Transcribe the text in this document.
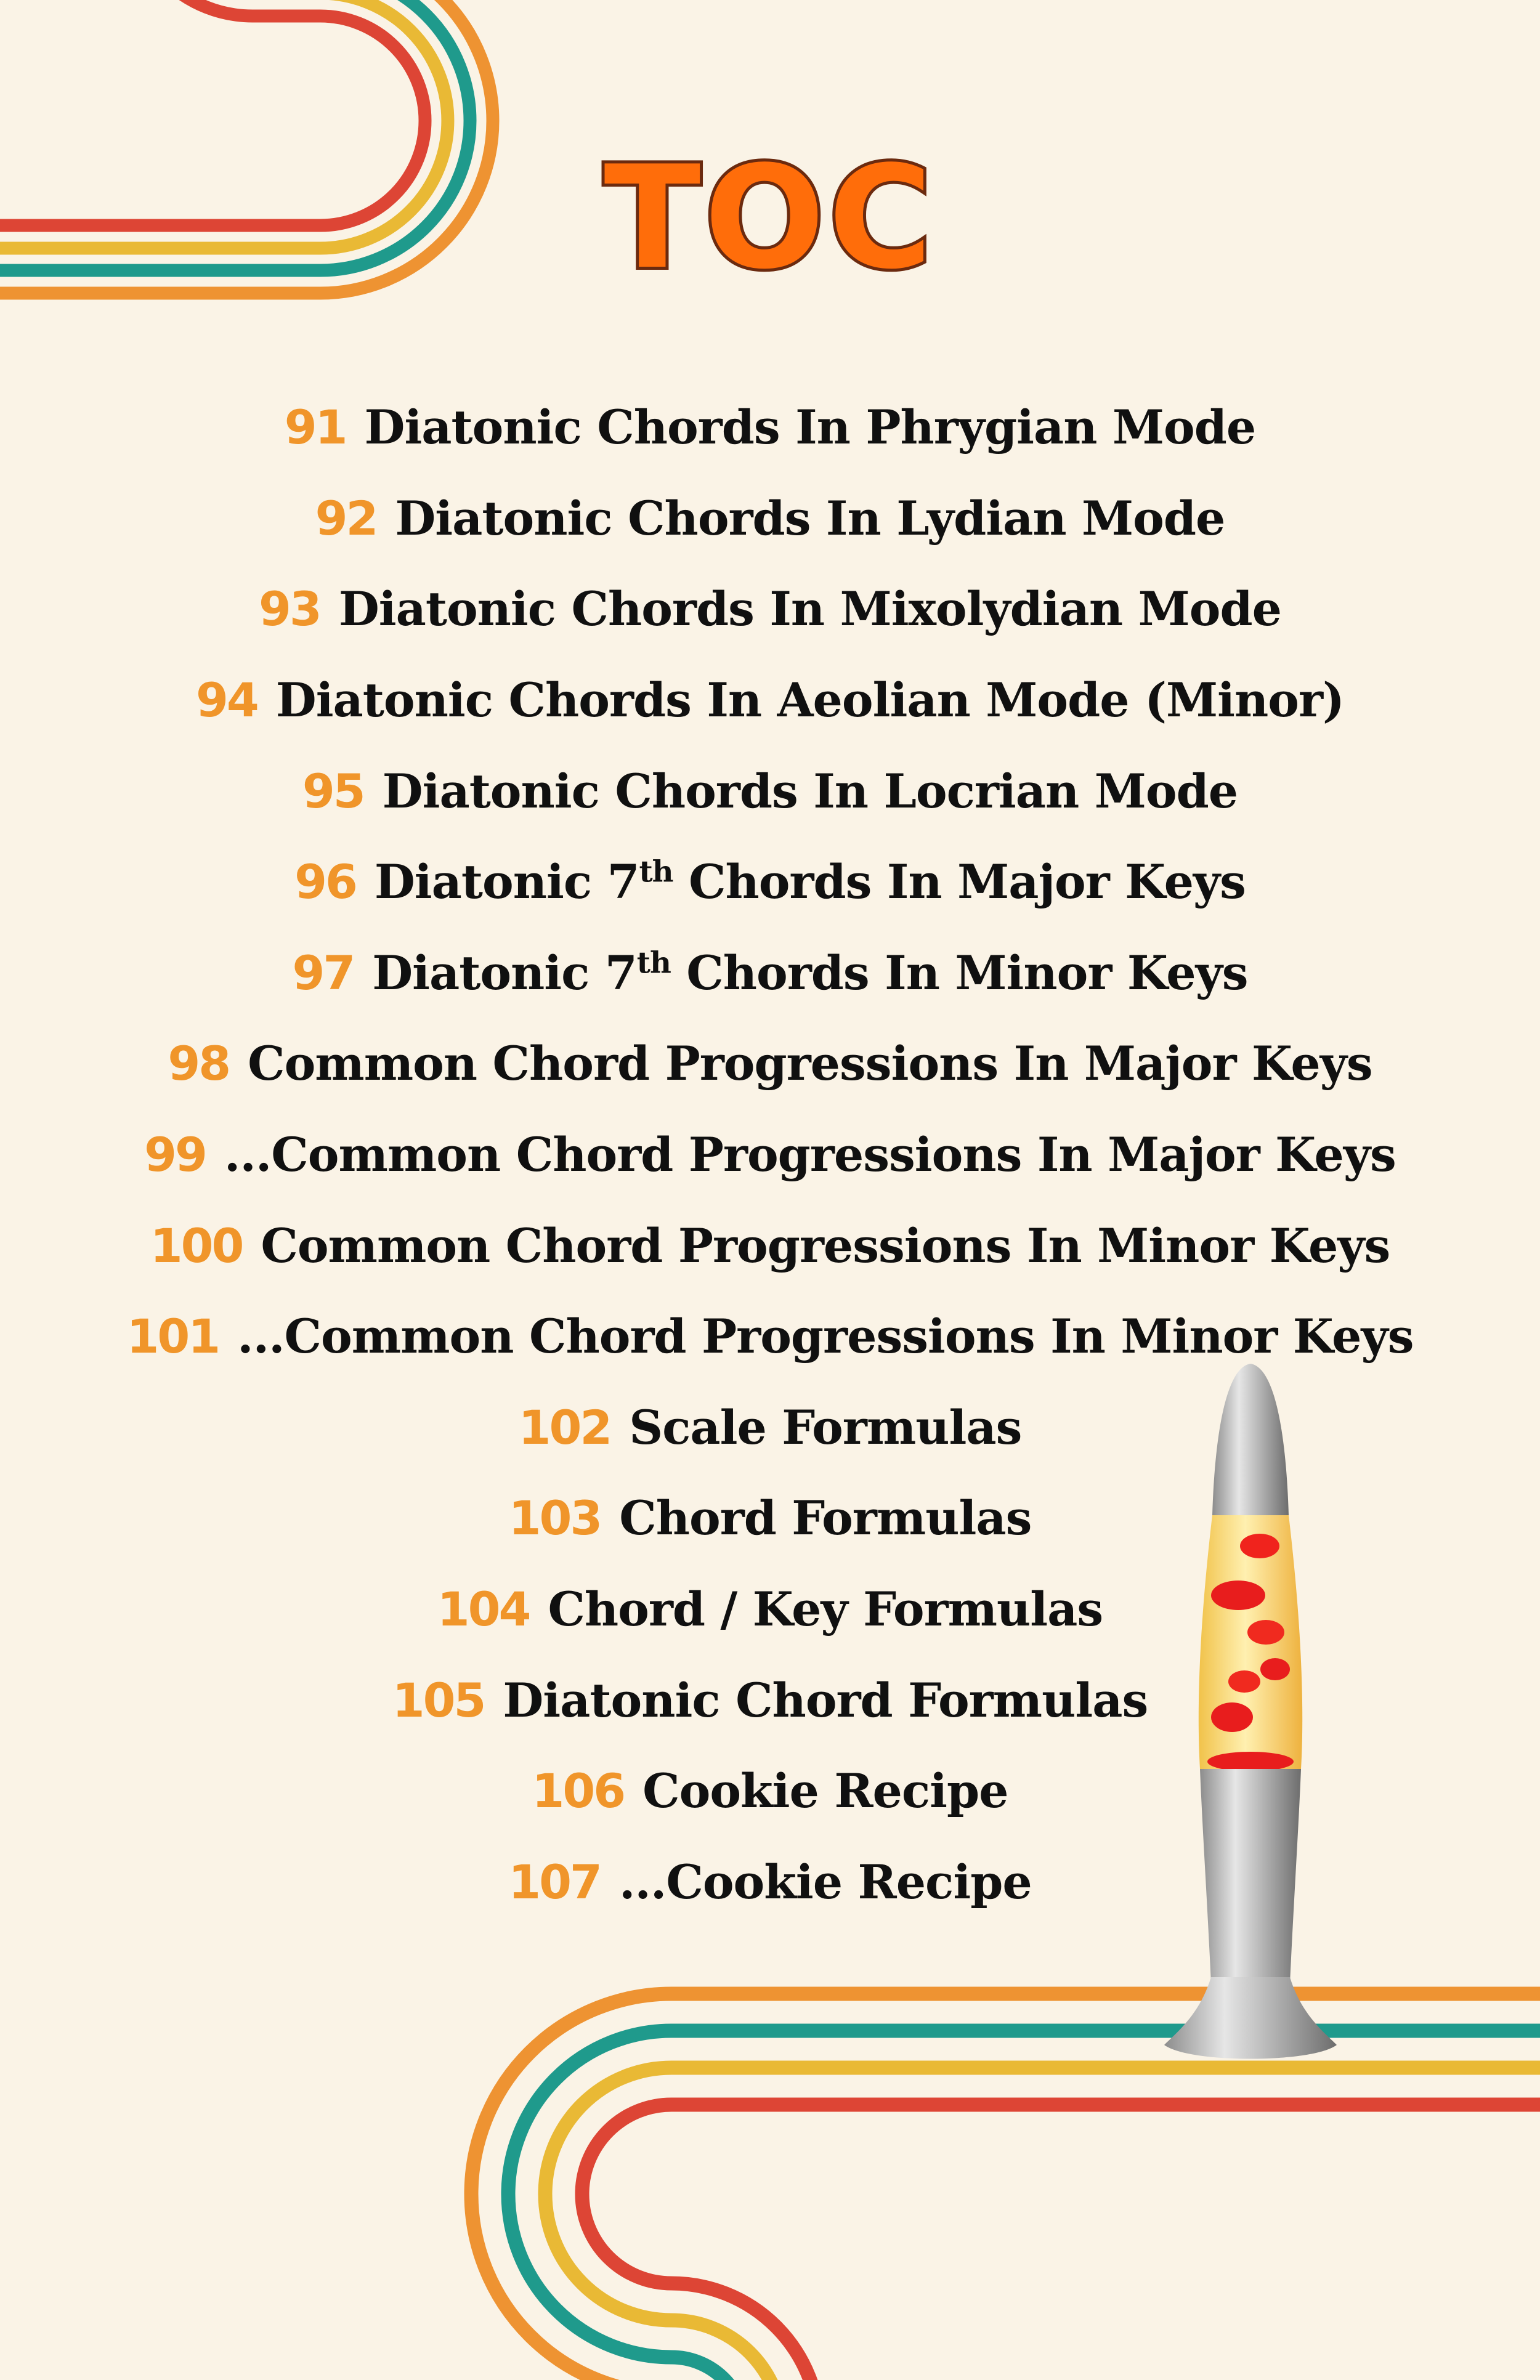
TOC
91 Diatonic Chords In Phrygian Mode
92 Diatonic Chords In Lydian Mode
93 Diatonic Chords In Mixolydian Mode
94 Diatonic Chords In Aeolian Mode (Minor)
95 Diatonic Chords In Locrian Mode
96 Diatonic 7th Chords In Major Keys
97 Diatonic 7th Chords In Minor Keys
98 Common Chord Progressions In Major Keys
99 ...Common Chord Progressions In Major Keys
100 Common Chord Progressions In Minor Keys
101 ...Common Chord Progressions In Minor Keys
102 Scale Formulas
103 Chord Formulas
104 Chord / Key Formulas
105 Diatonic Chord Formulas
106 Cookie Recipe
107 ...Cookie Recipe
